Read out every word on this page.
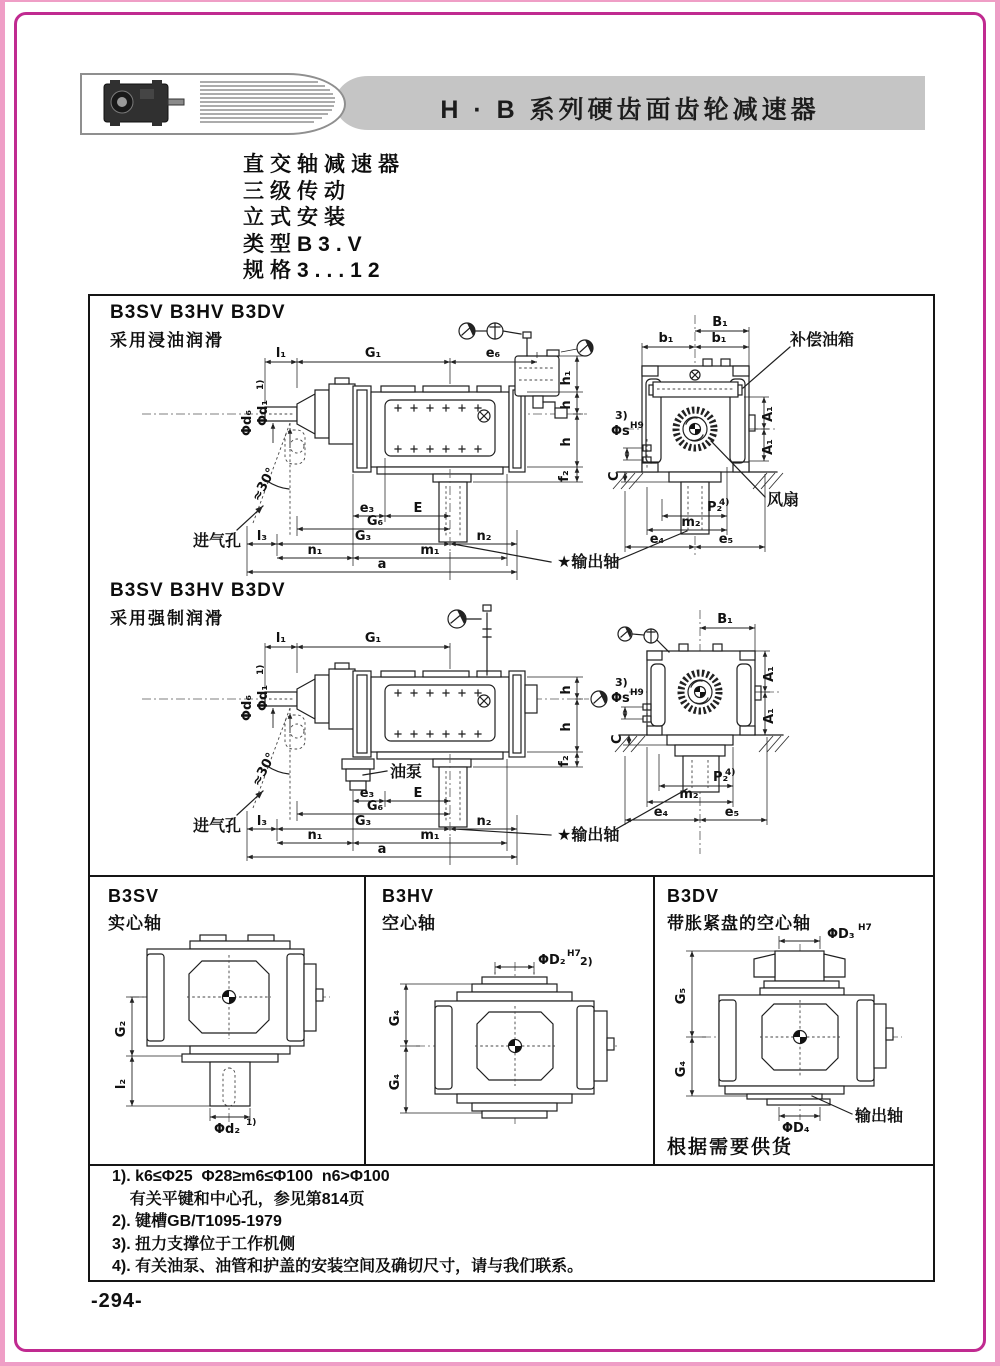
H · B 系列硬齿面齿轮减速器
直交轴减速器
三级传动
立式安装
类型B3.V
规格3...12
B3SV B3HV B3DV
采用浸油润滑
l₁	G₁	e₆
h₁
h
h
f₂
Φd₆ Φd₁
1)
≈30°
进气孔
e₃	E
G₆
l₃	G₃	n₂
n₁	m₁
a	★输出轴
B₁
b₁	b₁	补偿油箱
A₁
A₁
3)
Φs H9
C
P₂
4)
m₂
e₄	e₅
风扇
B3SV B3HV B3DV
采用强制润滑
油泵
l₁	G₁
h
h
f₂
Φd₆ Φd₁
1)
≈30°
进气孔
e₃	E
G₆
l₃	G₃	n₂
n₁	m₁
a
★输出轴
B₁
A₁
A₁
3)
Φs H9
C
P₂
4)
m₂
e₄	e₅
B3SV
实心轴
B3HV
空心轴
B3DV
带胀紧盘的空心轴
G₂
l₂
Φd₂ 1)
ΦD₂ H7
2)
G₄
G₄
ΦD₃ H7
G₅
G₄
ΦD₄
输出轴
根据需要供货
1). k6≤Φ25  Φ28≥m6≤Φ100  n6>Φ100
有关平键和中心孔，参见第814页
2). 键槽GB/T1095-1979
3). 扭力支撑位于工作机侧
4). 有关油泵、油管和护盖的安装空间及确切尺寸，请与我们联系。
-294-
